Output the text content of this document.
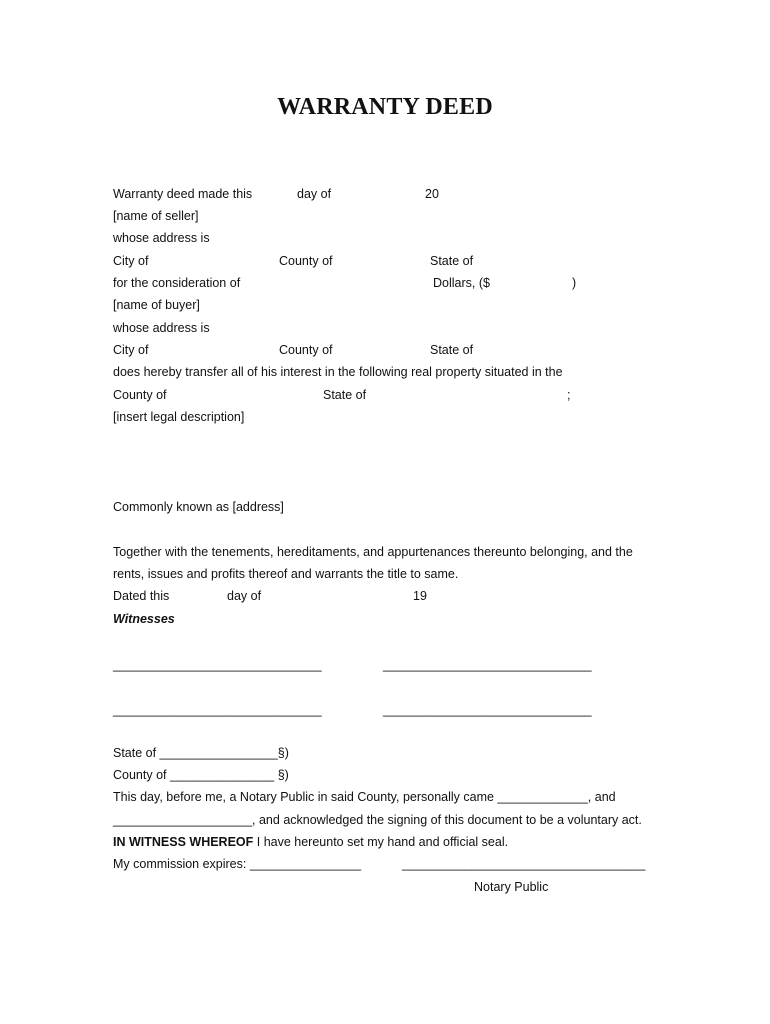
WARRANTY DEED
Warranty deed made this	day of	20
[name of seller]
whose address is
City of	County of	State of
for the consideration of	Dollars, ($	)
[name of buyer]
whose address is
City of	County of	State of
does hereby transfer all of his interest in the following real property situated in the
County of	State of	;
[insert legal description]
Commonly known as [address]
Together with the tenements, hereditaments, and appurtenances thereunto belonging, and the
rents, issues and profits thereof and warrants the title to same.
Dated this	day of	19
Witnesses
______________________________	______________________________
______________________________	______________________________
State of _________________§)
County of _______________ §)
This day, before me, a Notary Public in said County, personally came _____________, and
____________________, and acknowledged the signing of this document to be a voluntary act.
IN WITNESS WHEREOF I have hereunto set my hand and official seal.
My commission expires: ________________	___________________________________
Notary Public
